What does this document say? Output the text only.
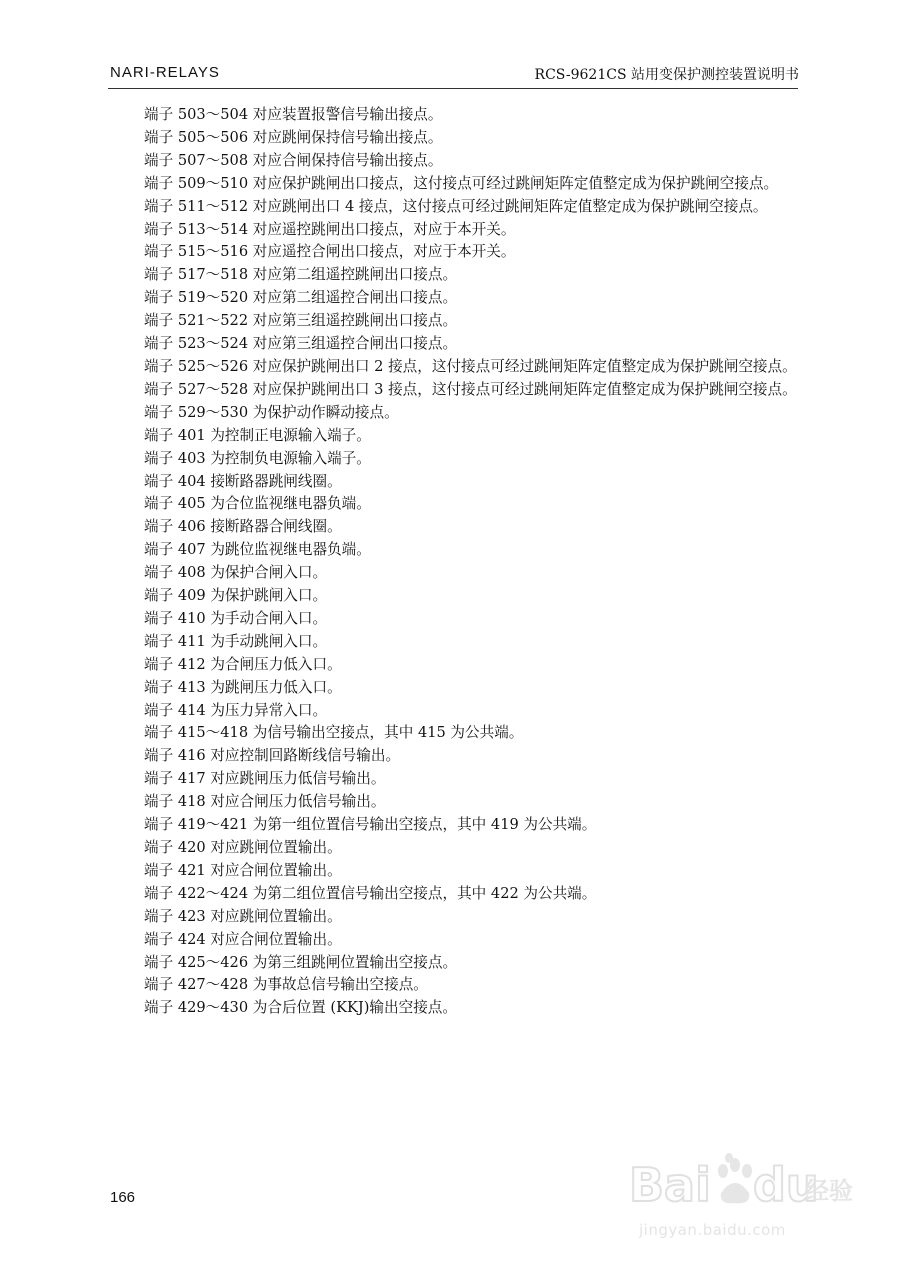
NARI-RELAYS	RCS-9621CS 站用变保护测控装置说明书

端子 503～504 对应装置报警信号输出接点。

端子 505～506 对应跳闸保持信号输出接点。

端子 507～508 对应合闸保持信号输出接点。

端子 509～510 对应保护跳闸出口接点，这付接点可经过跳闸矩阵定值整定成为保护跳闸空接点。

端子 511～512 对应跳闸出口 4 接点，这付接点可经过跳闸矩阵定值整定成为保护跳闸空接点。

端子 513～514 对应遥控跳闸出口接点，对应于本开关。

端子 515～516 对应遥控合闸出口接点，对应于本开关。

端子 517～518 对应第二组遥控跳闸出口接点。

端子 519～520 对应第二组遥控合闸出口接点。

端子 521～522 对应第三组遥控跳闸出口接点。

端子 523～524 对应第三组遥控合闸出口接点。

端子 525～526 对应保护跳闸出口 2 接点，这付接点可经过跳闸矩阵定值整定成为保护跳闸空接点。

端子 527～528 对应保护跳闸出口 3 接点，这付接点可经过跳闸矩阵定值整定成为保护跳闸空接点。

端子 529～530 为保护动作瞬动接点。

端子 401 为控制正电源输入端子。

端子 403 为控制负电源输入端子。

端子 404 接断路器跳闸线圈。

端子 405 为合位监视继电器负端。

端子 406 接断路器合闸线圈。

端子 407 为跳位监视继电器负端。

端子 408 为保护合闸入口。

端子 409 为保护跳闸入口。

端子 410 为手动合闸入口。

端子 411 为手动跳闸入口。

端子 412 为合闸压力低入口。

端子 413 为跳闸压力低入口。

端子 414 为压力异常入口。

端子 415～418 为信号输出空接点，其中 415 为公共端。

端子 416 对应控制回路断线信号输出。

端子 417 对应跳闸压力低信号输出。

端子 418 对应合闸压力低信号输出。

端子 419～421 为第一组位置信号输出空接点，其中 419 为公共端。

端子 420 对应跳闸位置输出。

端子 421 对应合闸位置输出。

端子 422～424 为第二组位置信号输出空接点，其中 422 为公共端。

端子 423 对应跳闸位置输出。

端子 424 对应合闸位置输出。

端子 425～426 为第三组跳闸位置输出空接点。

端子 427～428 为事故总信号输出空接点。

端子 429～430 为合后位置 (KKJ)输出空接点。

166	Bai du
经验
jingyan.baidu.com
